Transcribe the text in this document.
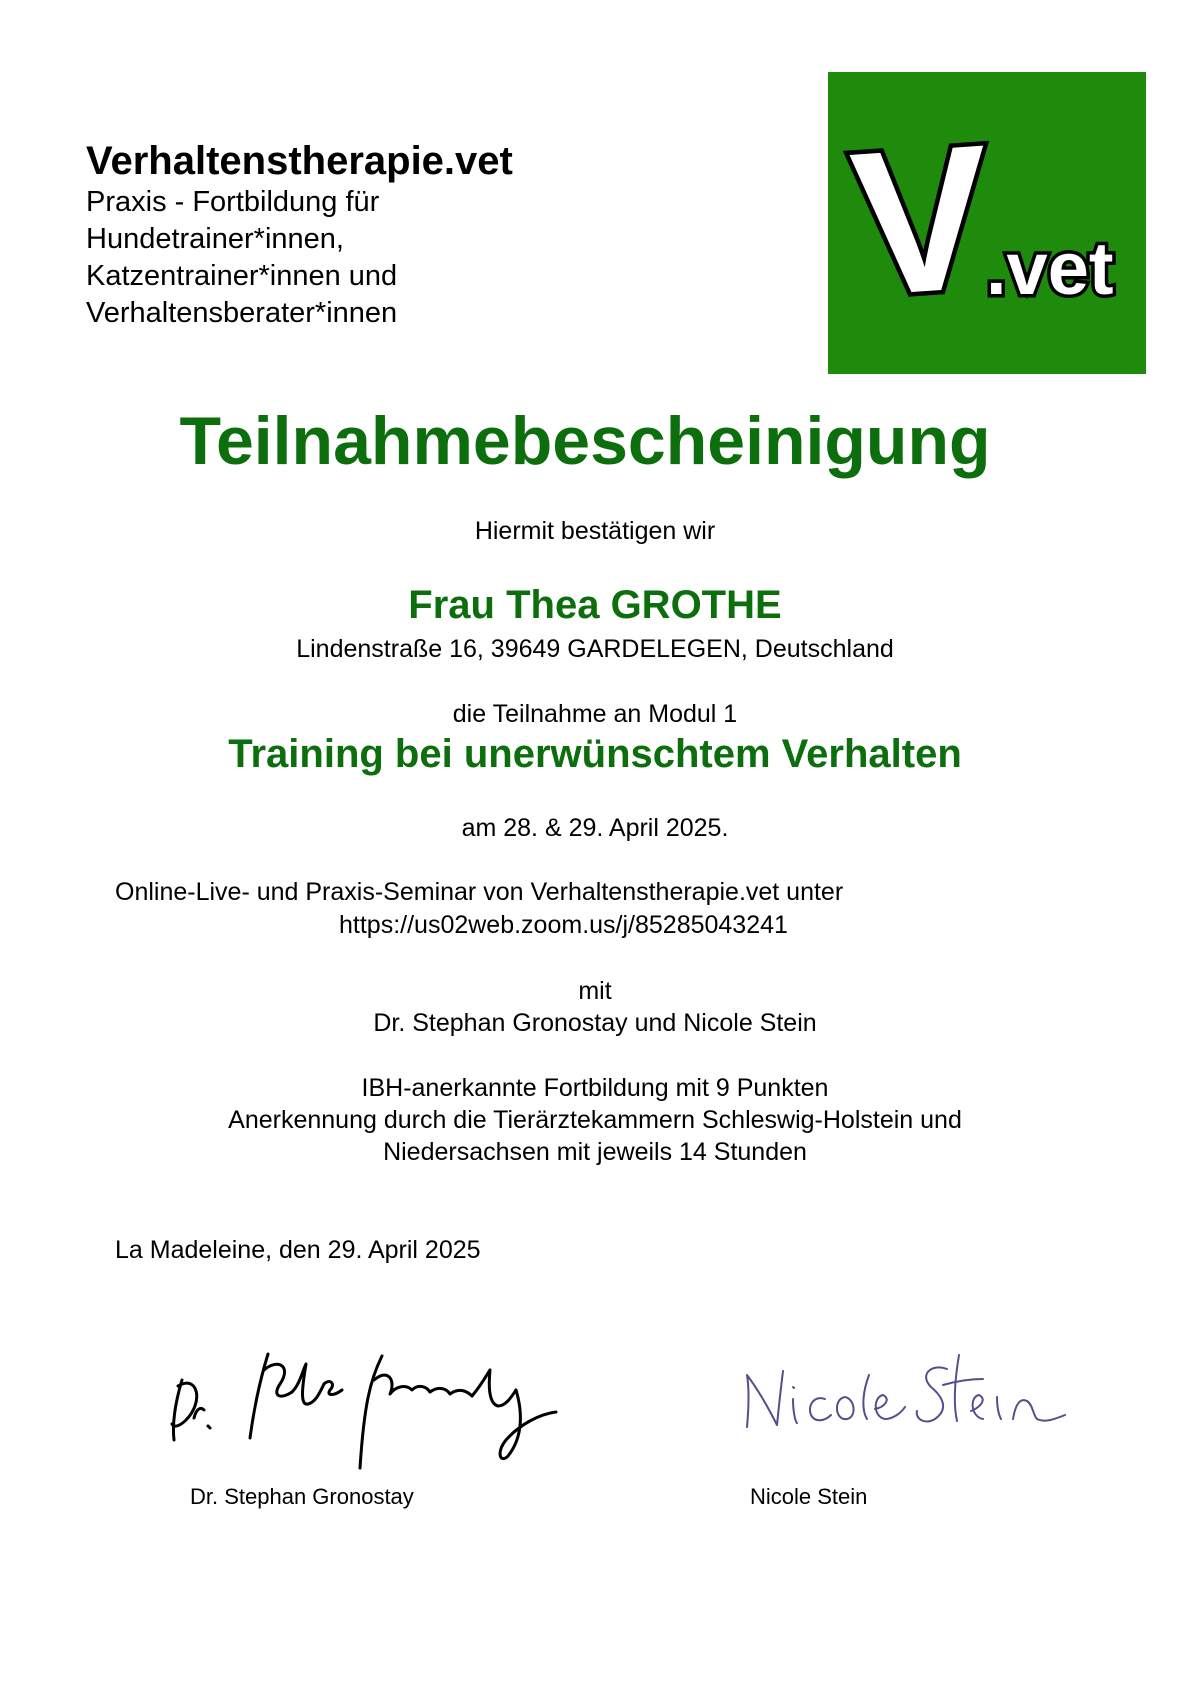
Verhaltenstherapie.vet

Praxis - Fortbildung für

Hundetrainer*innen,

Katzentrainer*innen und

Verhaltensberater*innen	V
.vet

Teilnahmebescheinigung

Hiermit bestätigen wir

Frau Thea GROTHE

Lindenstraße 16, 39649 GARDELEGEN, Deutschland

die Teilnahme an Modul 1

Training bei unerwünschtem Verhalten

am 28. & 29. April 2025.

Online-Live- und Praxis-Seminar von Verhaltenstherapie.vet unter

https://us02web.zoom.us/j/85285043241

mit

Dr. Stephan Gronostay und Nicole Stein

IBH-anerkannte Fortbildung mit 9 Punkten

Anerkennung durch die Tierärztekammern Schleswig-Holstein und

Niedersachsen mit jeweils 14 Stunden

La Madeleine, den 29. April 2025

Dr. Stephan Gronostay	Nicole Stein
